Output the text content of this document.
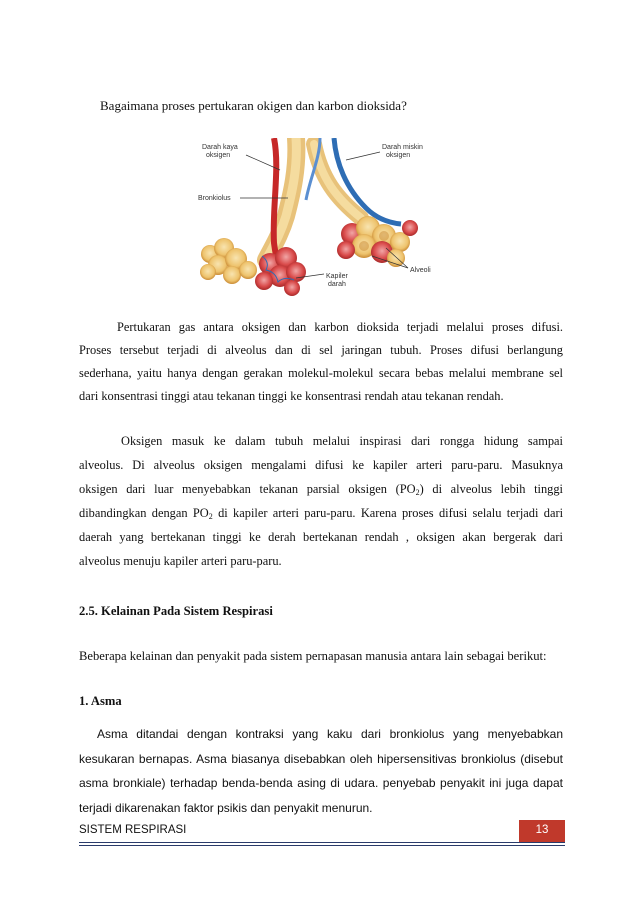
Bagaimana proses pertukaran okigen dan karbon dioksida?
Darah kaya
oksigen
Darah miskin
oksigen
Bronkiolus
Kapiler
darah
Alveoli
Pertukaran gas antara oksigen dan karbon dioksida terjadi melalui proses difusi.
Proses tersebut terjadi di alveolus dan di sel jaringan tubuh. Proses difusi berlangung
sederhana, yaitu hanya dengan gerakan molekul-molekul secara bebas melalui membrane sel
dari konsentrasi tinggi atau tekanan tinggi ke konsentrasi rendah atau tekanan rendah.
Oksigen masuk ke dalam tubuh melalui inspirasi dari rongga hidung sampai
alveolus. Di alveolus oksigen mengalami difusi ke kapiler arteri paru-paru. Masuknya
oksigen dari luar menyebabkan tekanan parsial oksigen $(PO_2)$ di alveolus lebih tinggi
dibandingkan dengan $PO_2$ di kapiler arteri paru-paru. Karena proses difusi selalu terjadi dari
daerah yang bertekanan tinggi ke derah bertekanan rendah , oksigen akan bergerak dari
alveolus menuju kapiler arteri paru-paru.
2.5. Kelainan Pada Sistem Respirasi
Beberapa kelainan dan penyakit pada sistem pernapasan manusia antara lain sebagai berikut:
1. Asma
Asma ditandai dengan kontraksi yang kaku dari bronkiolus yang menyebabkan
kesukaran bernapas. Asma biasanya disebabkan oleh hipersensitivas bronkiolus (disebut
asma bronkiale) terhadap benda-benda asing di udara. penyebab penyakit ini juga dapat
terjadi dikarenakan faktor psikis dan penyakit menurun.
SISTEM RESPIRASI	13
